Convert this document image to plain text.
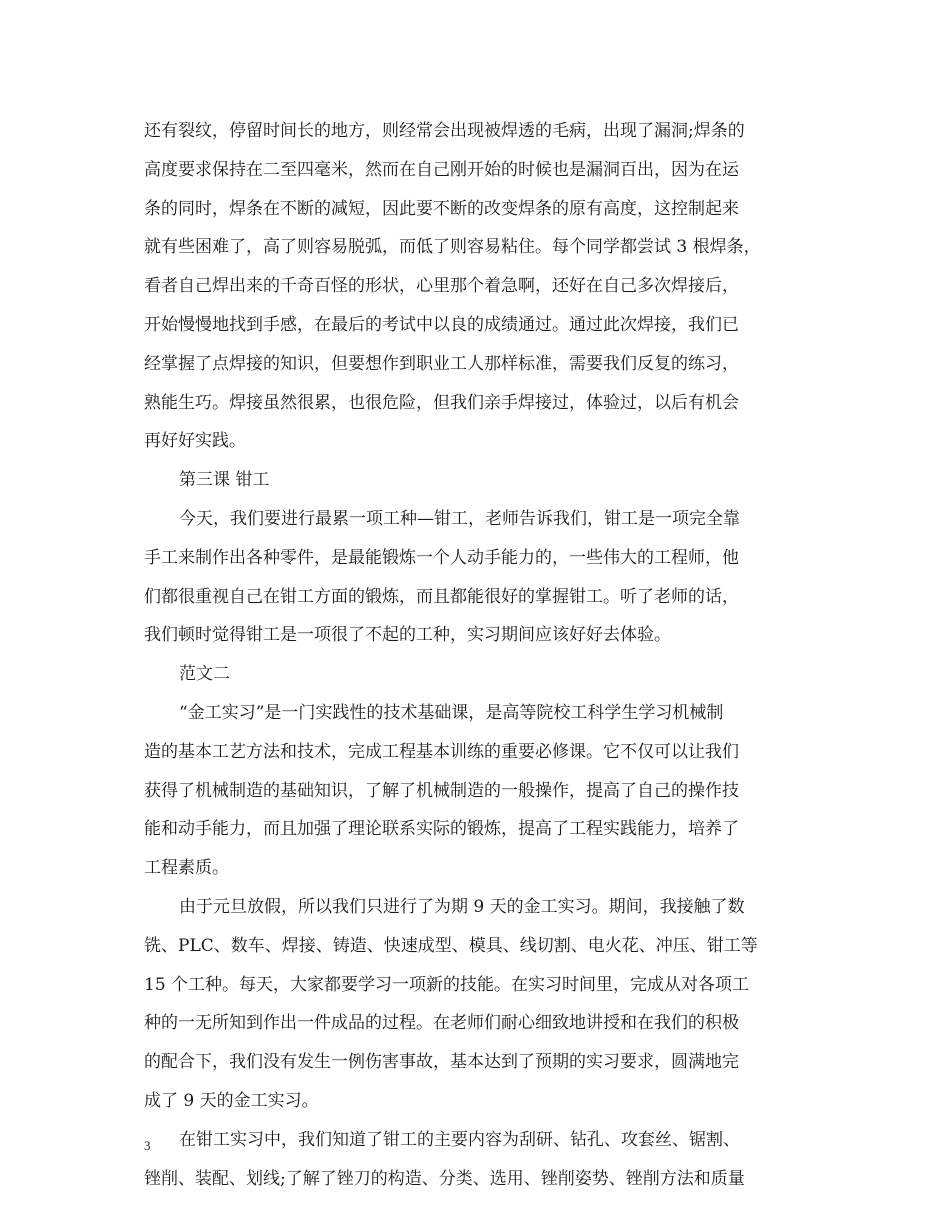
还有裂纹，停留时间长的地方，则经常会出现被焊透的毛病，出现了漏洞;焊条的
高度要求保持在二至四毫米，然而在自己刚开始的时候也是漏洞百出，因为在运
条的同时，焊条在不断的减短，因此要不断的改变焊条的原有高度，这控制起来
就有些困难了，高了则容易脱弧，而低了则容易粘住。每个同学都尝试 3 根焊条，
看者自己焊出来的千奇百怪的形状，心里那个着急啊，还好在自己多次焊接后，
开始慢慢地找到手感，在最后的考试中以良的成绩通过。通过此次焊接，我们已
经掌握了点焊接的知识，但要想作到职业工人那样标准，需要我们反复的练习，
熟能生巧。焊接虽然很累，也很危险，但我们亲手焊接过，体验过，以后有机会
再好好实践。
第三课 钳工
今天，我们要进行最累一项工种—钳工，老师告诉我们，钳工是一项完全靠
手工来制作出各种零件，是最能锻炼一个人动手能力的，一些伟大的工程师，他
们都很重视自己在钳工方面的锻炼，而且都能很好的掌握钳工。听了老师的话，
我们顿时觉得钳工是一项很了不起的工种，实习期间应该好好去体验。
范文二
“金工实习”是一门实践性的技术基础课，是高等院校工科学生学习机械制
造的基本工艺方法和技术，完成工程基本训练的重要必修课。它不仅可以让我们
获得了机械制造的基础知识，了解了机械制造的一般操作，提高了自己的操作技
能和动手能力，而且加强了理论联系实际的锻炼，提高了工程实践能力，培养了
工程素质。
由于元旦放假，所以我们只进行了为期 9 天的金工实习。期间，我接触了数
铣、PLC、数车、焊接、铸造、快速成型、模具、线切割、电火花、冲压、钳工等
15 个工种。每天，大家都要学习一项新的技能。在实习时间里，完成从对各项工
种的一无所知到作出一件成品的过程。在老师们耐心细致地讲授和在我们的积极
的配合下，我们没有发生一例伤害事故，基本达到了预期的实习要求，圆满地完
成了 9 天的金工实习。
在钳工实习中，我们知道了钳工的主要内容为刮研、钻孔、攻套丝、锯割、
锉削、装配、划线;了解了锉刀的构造、分类、选用、锉削姿势、锉削方法和质量
3
